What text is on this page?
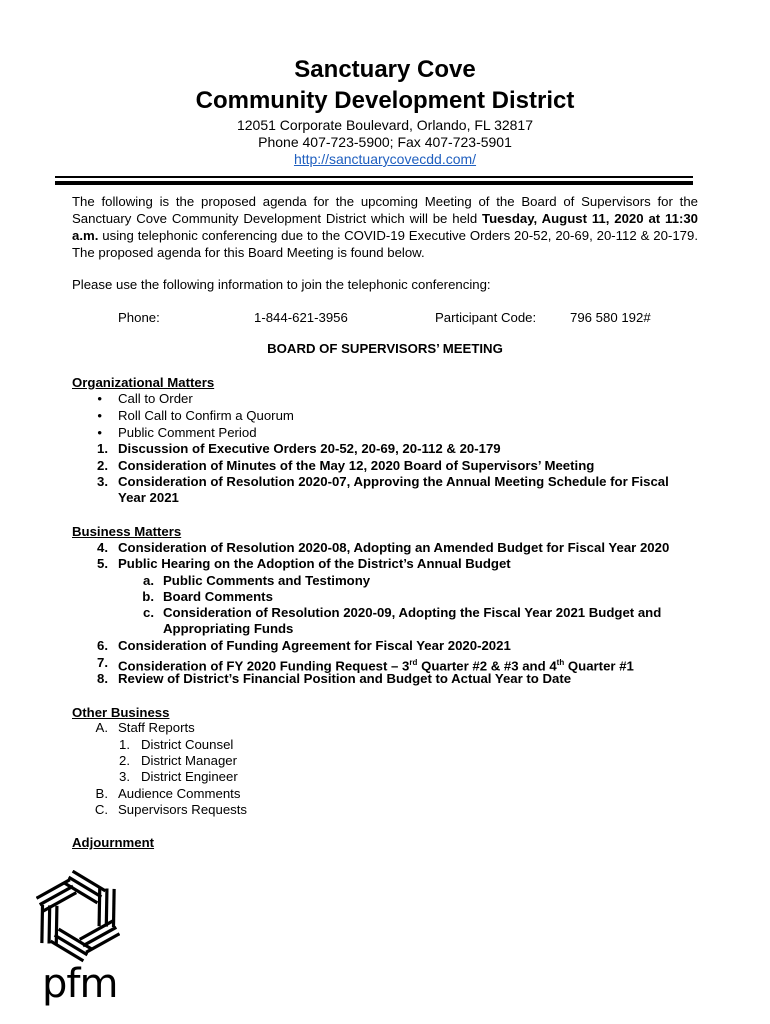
Sanctuary Cove
Community Development District
12051 Corporate Boulevard, Orlando, FL 32817
Phone 407-723-5900; Fax 407-723-5901
http://sanctuarycovecdd.com/
The following is the proposed agenda for the upcoming Meeting of the Board of Supervisors for the Sanctuary Cove Community Development District which will be held Tuesday, August 11, 2020 at 11:30 a.m. using telephonic conferencing due to the COVID-19 Executive Orders 20-52, 20-69, 20-112 & 20-179. The proposed agenda for this Board Meeting is found below.
Please use the following information to join the telephonic conferencing:
Phone:	1-844-621-3956	Participant Code:	796 580 192#
BOARD OF SUPERVISORS’ MEETING
Organizational Matters
• Call to Order
• Roll Call to Confirm a Quorum
• Public Comment Period
1. Discussion of Executive Orders 20-52, 20-69, 20-112 & 20-179
2. Consideration of Minutes of the May 12, 2020 Board of Supervisors’ Meeting
3. Consideration of Resolution 2020-07, Approving the Annual Meeting Schedule for Fiscal
Year 2021
Business Matters
4. Consideration of Resolution 2020-08, Adopting an Amended Budget for Fiscal Year 2020
5. Public Hearing on the Adoption of the District’s Annual Budget
a. Public Comments and Testimony
b. Board Comments
c. Consideration of Resolution 2020-09, Adopting the Fiscal Year 2021 Budget and
Appropriating Funds
6. Consideration of Funding Agreement for Fiscal Year 2020-2021
7. Consideration of FY 2020 Funding Request – 3rd Quarter #2 & #3 and 4th Quarter #1
8. Review of District’s Financial Position and Budget to Actual Year to Date
Other Business
A. Staff Reports
1. District Counsel
2. District Manager
3. District Engineer
B. Audience Comments
C. Supervisors Requests
Adjournment
pfm
